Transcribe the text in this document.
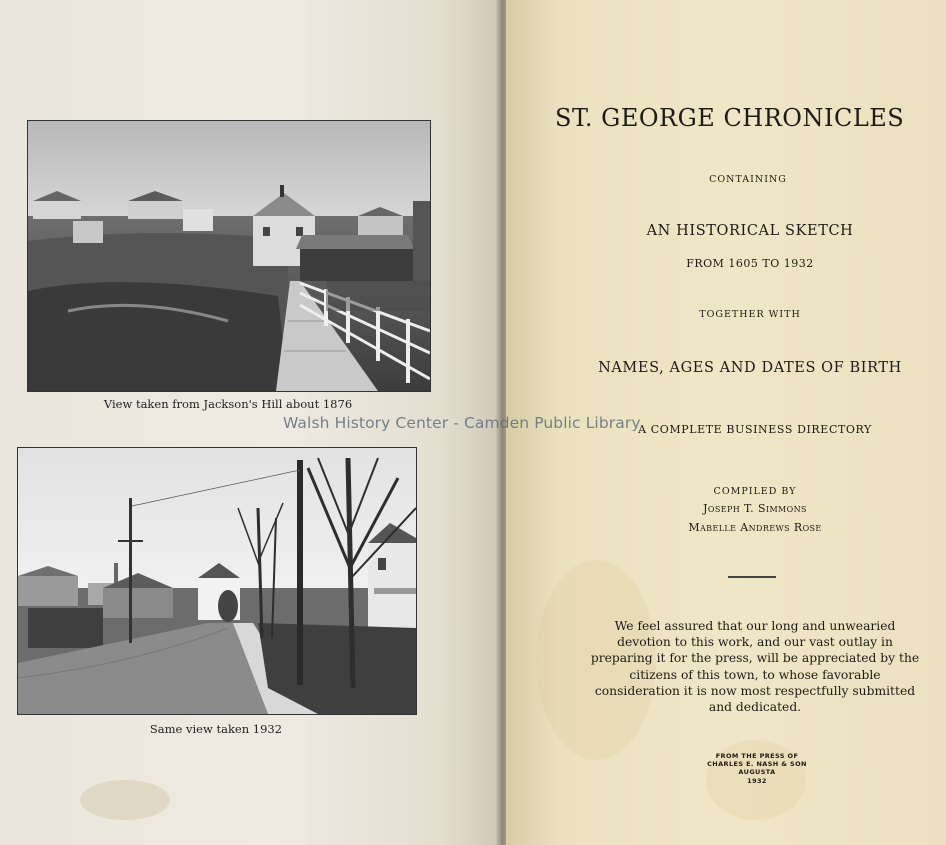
View taken from Jackson's Hill about 1876
Same view taken 1932
Walsh History Center - Camden Public Library
ST. GEORGE CHRONICLES
CONTAINING
AN HISTORICAL SKETCH
FROM 1605 TO 1932
TOGETHER WITH
NAMES, AGES AND DATES OF BIRTH
A COMPLETE BUSINESS DIRECTORY
COMPILED BY
Joseph T. Simmons
Mabelle Andrews Rose
We feel assured that our long and unwearied devotion to this work, and our vast outlay in preparing it for the press, will be appreciated by the citizens of this town, to whose favorable consideration it is now most respectfully submitted and dedicated.
FROM THE PRESS OF
CHARLES E. NASH & SON
AUGUSTA
1932
